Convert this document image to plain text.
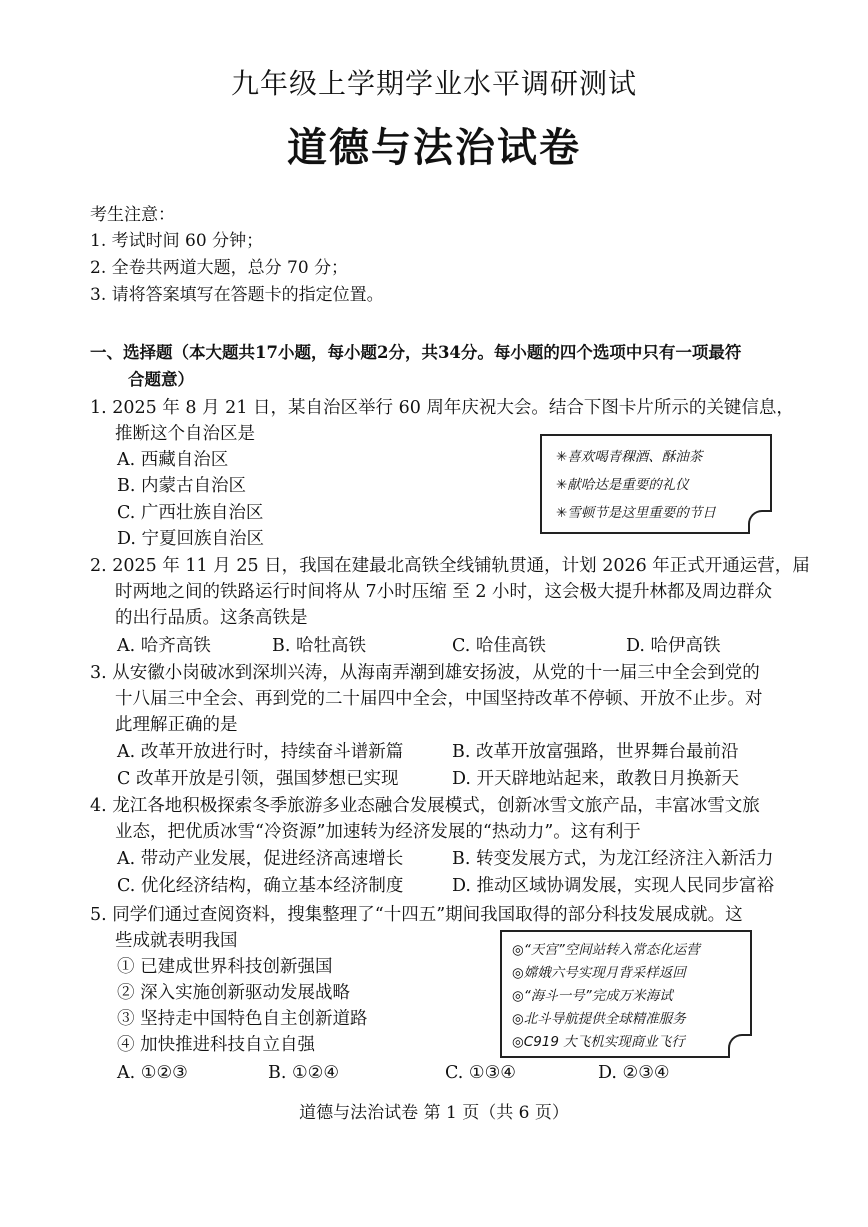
九年级上学期学业水平调研测试
道德与法治试卷
考生注意：
1. 考试时间 60 分钟；
2. 全卷共两道大题，总分 70 分；
3. 请将答案填写在答题卡的指定位置。
一、选择题（本大题共17小题，每小题2分，共34分。每小题的四个选项中只有一项最符
合题意）
1. 2025 年 8 月 21 日，某自治区举行 60 周年庆祝大会。结合下图卡片所示的关键信息，
推断这个自治区是
A. 西藏自治区
B. 内蒙古自治区
C. 广西壮族自治区
D. 宁夏回族自治区
✳喜欢喝青稞酒、酥油茶
✳献哈达是重要的礼仪
✳雪顿节是这里重要的节日
2. 2025 年 11 月 25 日，我国在建最北高铁全线铺轨贯通，计划 2026 年正式开通运营，届
时两地之间的铁路运行时间将从 7小时压缩 至 2 小时，这会极大提升林都及周边群众
的出行品质。这条高铁是
A. 哈齐高铁	B. 哈牡高铁	C. 哈佳高铁	D. 哈伊高铁
3. 从安徽小岗破冰到深圳兴涛，从海南弄潮到雄安扬波，从党的十一届三中全会到党的
十八届三中全会、再到党的二十届四中全会，中国坚持改革不停顿、开放不止步。对
此理解正确的是
A. 改革开放进行时，持续奋斗谱新篇	B. 改革开放富强路，世界舞台最前沿
C 改革开放是引领，强国梦想已实现	D. 开天辟地站起来，敢教日月换新天
4. 龙江各地积极探索冬季旅游多业态融合发展模式，创新冰雪文旅产品，丰富冰雪文旅
业态，把优质冰雪“冷资源”加速转为经济发展的“热动力”。这有利于
A. 带动产业发展，促进经济高速增长	B. 转变发展方式，为龙江经济注入新活力
C. 优化经济结构，确立基本经济制度	D. 推动区域协调发展，实现人民同步富裕
5. 同学们通过查阅资料，搜集整理了“十四五”期间我国取得的部分科技发展成就。这
些成就表明我国
① 已建成世界科技创新强国
② 深入实施创新驱动发展战略
③ 坚持走中国特色自主创新道路
④ 加快推进科技自立自强
A. ①②③	B. ①②④	C. ①③④	D. ②③④
◎“天宫”空间站转入常态化运营
◎嫦娥六号实现月背采样返回
◎“海斗一号”完成万米海试
◎北斗导航提供全球精准服务
◎C919 大飞机实现商业飞行
道德与法治试卷 第 1 页（共 6 页）
